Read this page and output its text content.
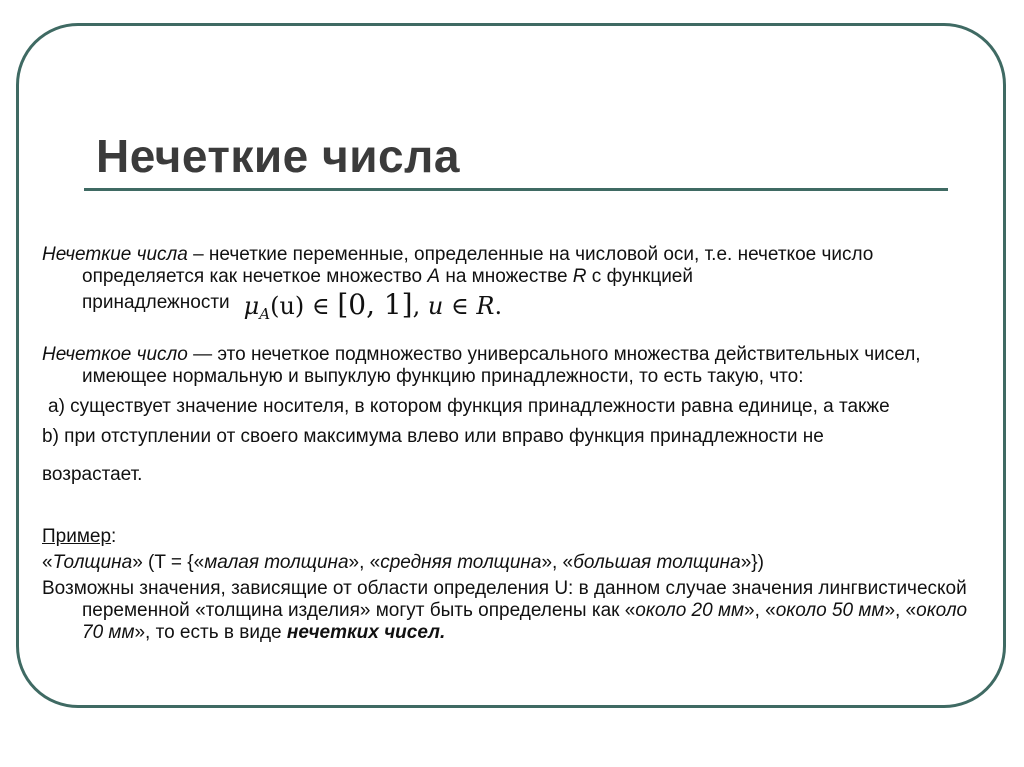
Нечеткие числа

Нечеткие числа – нечеткие переменные, определенные на числовой оси, т.е. нечеткое число определяется как нечеткое множество A на множестве R с функцией

принадлежности $\mu_A(u)$ ∈ [0, 1], u ∈ R.

Нечеткое число — это нечеткое подмножество универсального множества действительных чисел, имеющее нормальную и выпуклую функцию принадлежности, то есть такую, что:

a) существует значение носителя, в котором функция принадлежности равна единице, а также

b) при отступлении от своего максимума влево или вправо функция принадлежности не
возрастает.

Пример:

«Толщина» (T = {«малая толщина», «средняя толщина», «большая толщина»})

Возможны значения, зависящие от области определения U: в данном случае значения лингвистической переменной «толщина изделия» могут быть определены как «около 20 мм», «около 50 мм», «около 70 мм», то есть в виде нечетких чисел.
